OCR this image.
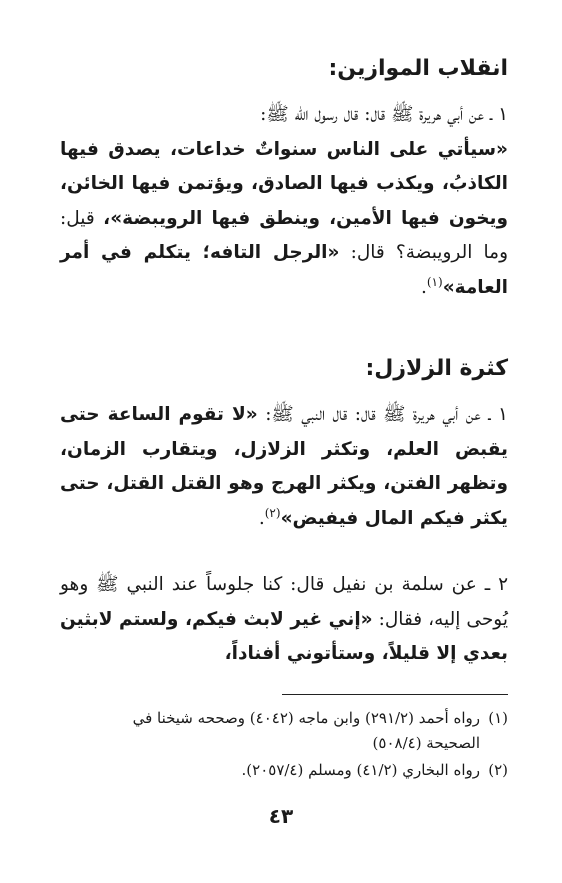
انقلاب الموازين:

١ ـ عن أبي هريرة ﷺ قال: قال رسول الله ﷺ:
«سيأتي على الناس سنواتٌ خداعات، يصدق فيها الكاذبُ، ويكذب فيها الصادق، ويؤتمن فيها الخائن، ويخون فيها الأمين، وينطق فيها الرويبضة»، قيل: وما الرويبضة؟ قال: «الرجل التافه؛ يتكلم في أمر العامة»$^{(١)}$.

كثرة الزلازل:

١ ـ عن أبي هريرة ﷺ قال: قال النبي ﷺ: «لا تقوم الساعة حتى يقبض العلم، وتكثر الزلازل، ويتقارب الزمان، وتظهر الفتن، ويكثر الهرج وهو القتل القتل، حتى يكثر فيكم المال فيفيض»$^{(٢)}$.

٢ ـ عن سلمة بن نفيل قال: كنا جلوساً عند النبي ﷺ وهو يُوحى إليه، فقال: «إني غير لابث فيكم، ولستم لابثين بعدي إلا قليلاً، وستأتوني أفناداً،

(١)رواه أحمد (٢٩١/٢) وابن ماجه (٤٠٤٢) وصححه شيخنا في
الصحيحة (٥٠٨/٤)
(٢)رواه البخاري (٤١/٢) ومسلم (٢٠٥٧/٤).
٤٣
